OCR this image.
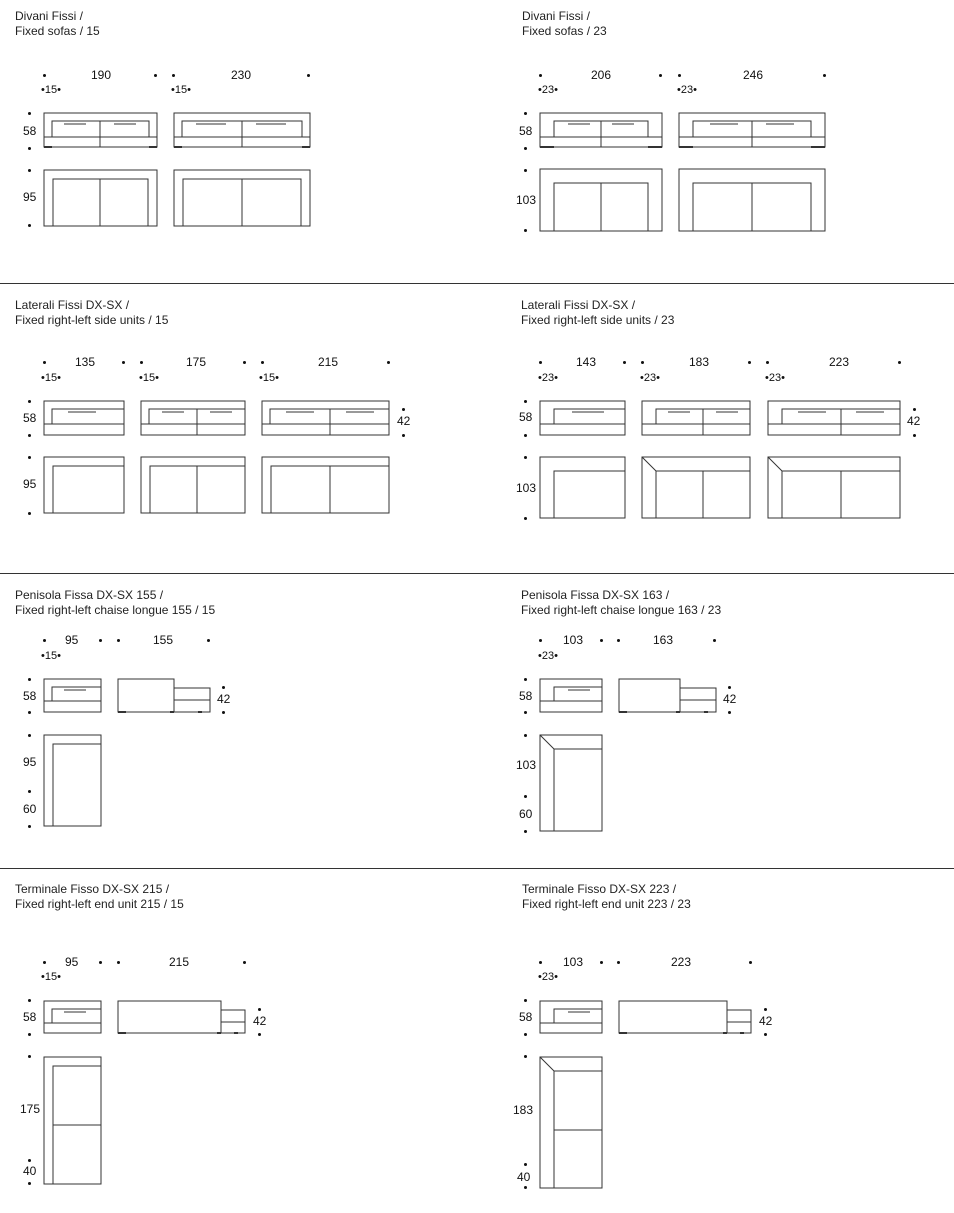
Divani Fissi /
Fixed sofas / 15
Divani Fissi /
Fixed sofas / 23
Laterali Fissi DX-SX /
Fixed right-left side units / 15
Laterali Fissi DX-SX /
Fixed right-left side units / 23
Penisola Fissa DX-SX 155 /
Fixed right-left chaise longue 155 / 15
Penisola Fissa DX-SX 163 /
Fixed right-left chaise longue 163 / 23
Terminale Fisso DX-SX 215 /
Fixed right-left end unit 215 / 15
Terminale Fisso DX-SX 223 /
Fixed right-left end unit 223 / 23
190	230
•15•	•15•
58
95
206	246
•23•	•23•
58
103
135	175	215
•15•	•15•	•15•
58	42
95
143	183	223
•23•	•23•	•23•
58	42
103
95	155
•15•
58	42
95
60
103	163
•23•
58	42
103
60
95	215
•15•
58	42
175
40
103	223
•23•
58	42
183
40
